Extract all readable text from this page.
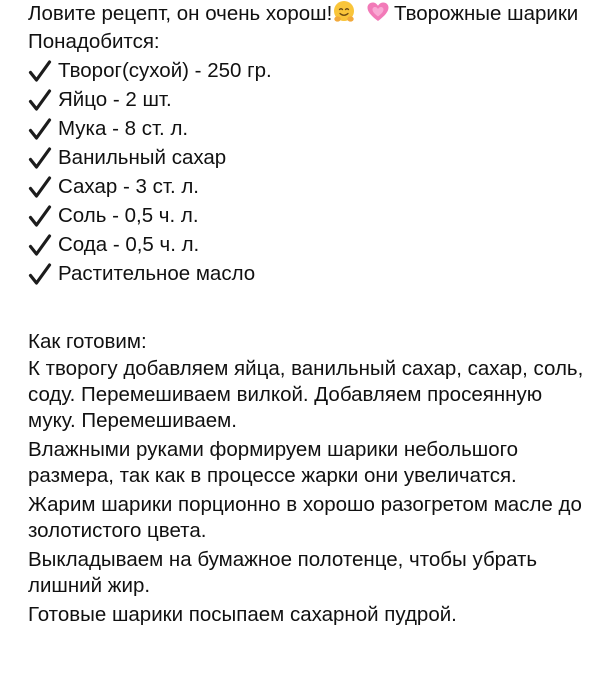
Ловите рецепт, он очень хорош!	Творожные шарики
Понадобится:
Творог(сухой) - 250 гр.
Яйцо - 2 шт.
Мука - 8 ст. л.
Ванильный сахар
Сахар - 3 ст. л.
Соль - 0,5 ч. л.
Сода - 0,5 ч. л.
Растительное масло
Как готовим:

К творогу добавляем яйца, ванильный сахар, сахар, соль, соду. Перемешиваем вилкой. Добавляем просеянную муку. Перемешиваем.

Влажными руками формируем шарики небольшого размера, так как в процессе жарки они увеличатся.

Жарим шарики порционно в хорошо разогретом масле до золотистого цвета.

Выкладываем на бумажное полотенце, чтобы убрать лишний жир.

Готовые шарики посыпаем сахарной пудрой.
